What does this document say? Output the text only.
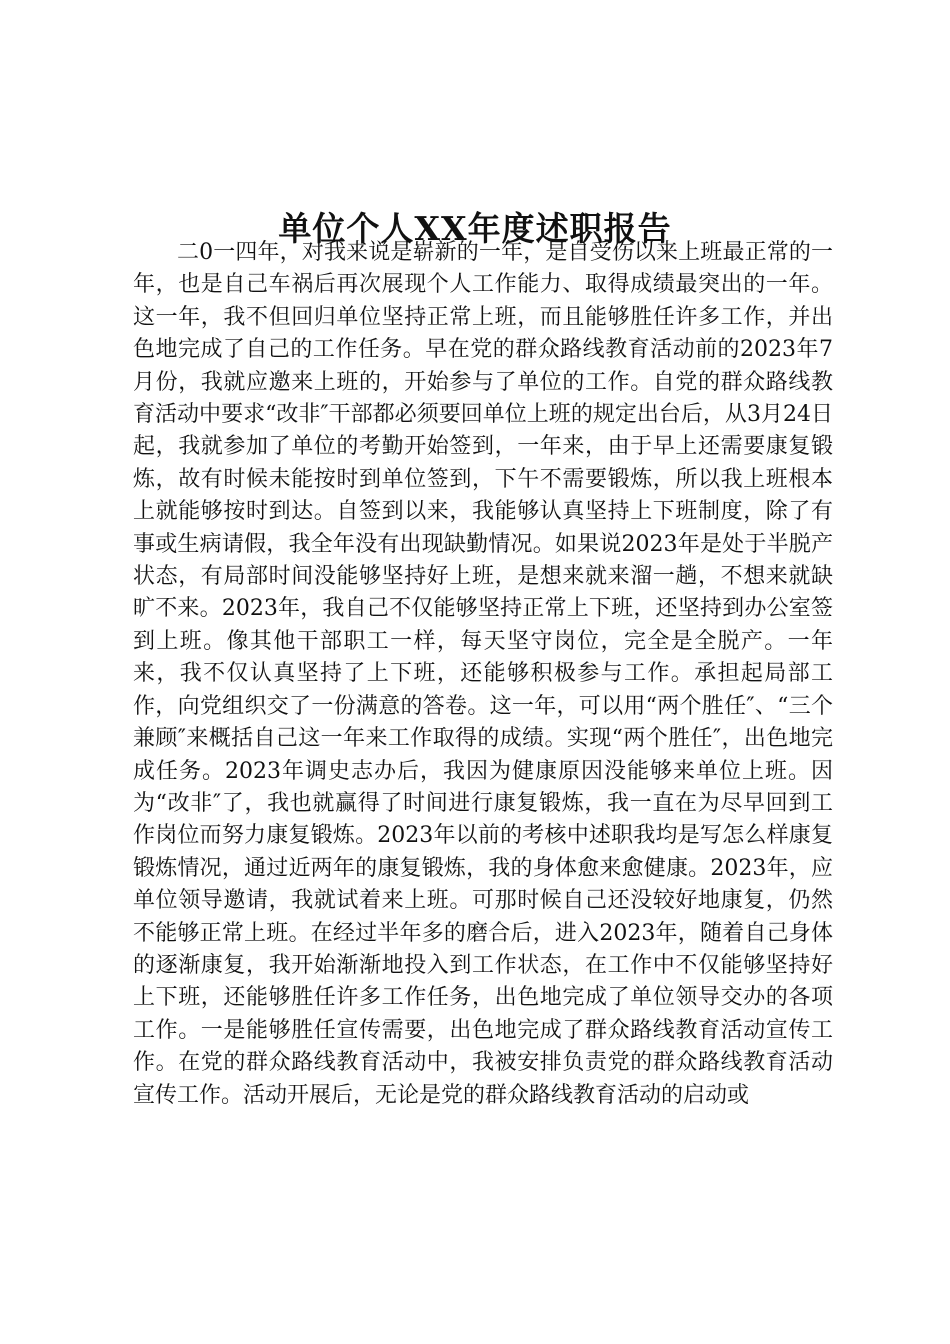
单位个人XX年度述职报告

二0一四年，对我来说是崭新的一年，是自受伤以来上班最正常的一年，也是自己车祸后再次展现个人工作能力、取得成绩最突出的一年。这一年，我不但回归单位坚持正常上班，而且能够胜任许多工作，并出色地完成了自己的工作任务。早在党的群众路线教育活动前的2023年7月份，我就应邀来上班的，开始参与了单位的工作。自党的群众路线教育活动中要求“改非″干部都必须要回单位上班的规定出台后，从3月24日起，我就参加了单位的考勤开始签到，一年来，由于早上还需要康复锻炼，故有时候未能按时到单位签到，下午不需要锻炼，所以我上班根本上就能够按时到达。自签到以来，我能够认真坚持上下班制度，除了有事或生病请假，我全年没有出现缺勤情况。如果说2023年是处于半脱产状态，有局部时间没能够坚持好上班，是想来就来溜一趟，不想来就缺旷不来。2023年，我自己不仅能够坚持正常上下班，还坚持到办公室签到上班。像其他干部职工一样，每天坚守岗位，完全是全脱产。一年来，我不仅认真坚持了上下班，还能够积极参与工作。承担起局部工作，向党组织交了一份满意的答卷。这一年，可以用“两个胜任″、“三个兼顾″来概括自己这一年来工作取得的成绩。实现“两个胜任″，出色地完成任务。2023年调史志办后，我因为健康原因没能够来单位上班。因为“改非″了，我也就赢得了时间进行康复锻炼，我一直在为尽早回到工作岗位而努力康复锻炼。2023年以前的考核中述职我均是写怎么样康复锻炼情况，通过近两年的康复锻炼，我的身体愈来愈健康。2023年，应单位领导邀请，我就试着来上班。可那时候自己还没较好地康复，仍然不能够正常上班。在经过半年多的磨合后，进入2023年，随着自己身体的逐渐康复，我开始渐渐地投入到工作状态，在工作中不仅能够坚持好上下班，还能够胜任许多工作任务，出色地完成了单位领导交办的各项工作。一是能够胜任宣传需要，出色地完成了群众路线教育活动宣传工作。在党的群众路线教育活动中，我被安排负责党的群众路线教育活动宣传工作。活动开展后，无论是党的群众路线教育活动的启动或
